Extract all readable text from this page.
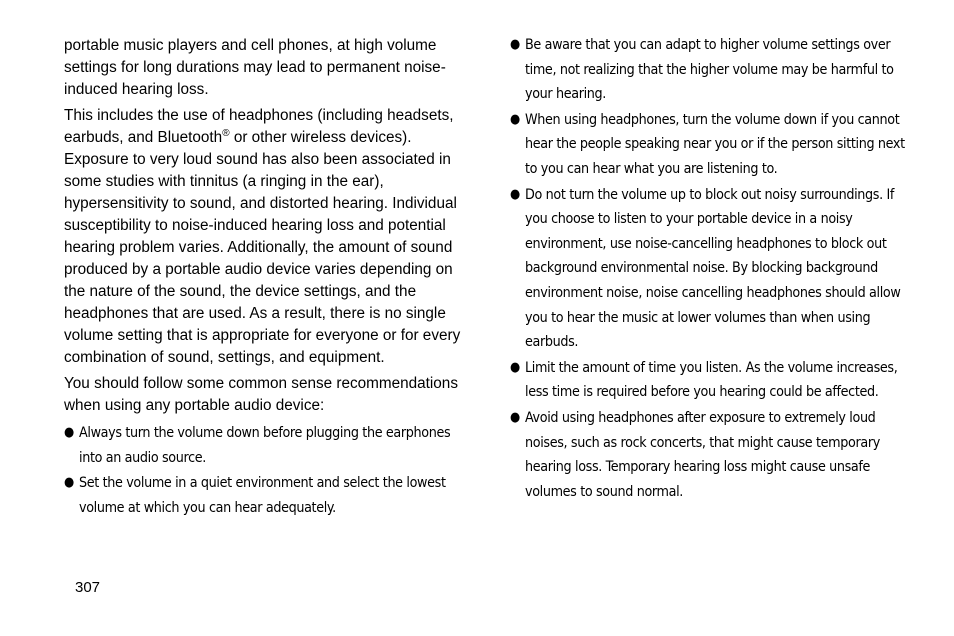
portable music players and cell phones, at high volume settings for long durations may lead to permanent noise-induced hearing loss.

This includes the use of headphones (including headsets, earbuds, and Bluetooth® or other wireless devices). Exposure to very loud sound has also been associated in some studies with tinnitus (a ringing in the ear), hypersensitivity to sound, and distorted hearing. Individual susceptibility to noise-induced hearing loss and potential hearing problem varies. Additionally, the amount of sound produced by a portable audio device varies depending on the nature of the sound, the device settings, and the headphones that are used. As a result, there is no single volume setting that is appropriate for everyone or for every combination of sound, settings, and equipment.

You should follow some common sense recommendations when using any portable audio device:

● Always turn the volume down before plugging the earphones into an audio source.
● Set the volume in a quiet environment and select the lowest volume at which you can hear adequately.
● Be aware that you can adapt to higher volume settings over time, not realizing that the higher volume may be harmful to your hearing.
● When using headphones, turn the volume down if you cannot hear the people speaking near you or if the person sitting next to you can hear what you are listening to.
● Do not turn the volume up to block out noisy surroundings. If you choose to listen to your portable device in a noisy environment, use noise-cancelling headphones to block out background environmental noise. By blocking background environment noise, noise cancelling headphones should allow you to hear the music at lower volumes than when using earbuds.
● Limit the amount of time you listen. As the volume increases, less time is required before you hearing could be affected.
● Avoid using headphones after exposure to extremely loud noises, such as rock concerts, that might cause temporary hearing loss. Temporary hearing loss might cause unsafe volumes to sound normal.
307
